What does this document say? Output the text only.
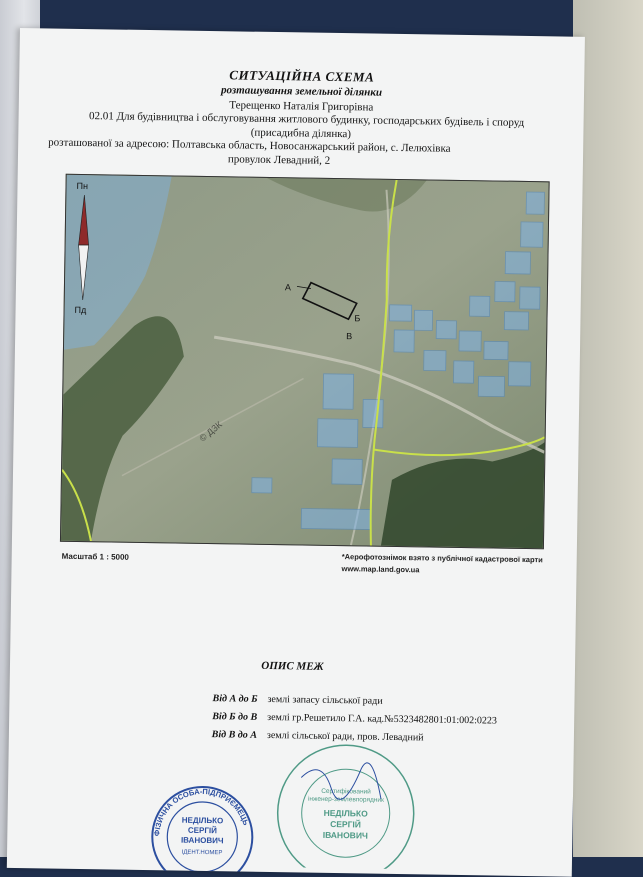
СИТУАЦІЙНА СХЕМА
розташування земельної ділянки
Терещенко Наталія Григорівна
02.01 Для будівництва і обслуговування житлового будинку, господарських будівель і споруд
(присадибна ділянка)
розташованої за адресою: Полтавська область, Новосанжарський район, с. Лелюхівка
провулок Левадний, 2
© ДЗК
А
Б
В
Пн
Пд
Масштаб 1 : 5000	*Аерофотознімок взято з публічної кадастрової карти
www.map.land.gov.ua
ОПИС МЕЖ
Від А до Б землі запасу сільської ради
Від Б до В землі гр.Решетило Г.А. кад.№5323482801:01:002:0223
Від В до А землі сільської ради, пров. Левадний
ФІЗИЧНА ОСОБА-ПІДПРИЄМЕЦЬ
НЕДІЛЬКО
СЕРГІЙ
ІВАНОВИЧ
ІДЕНТ.НОМЕР
Сертифікований
інженер-землевпорядник
НЕДІЛЬКО
СЕРГІЙ
ІВАНОВИЧ
